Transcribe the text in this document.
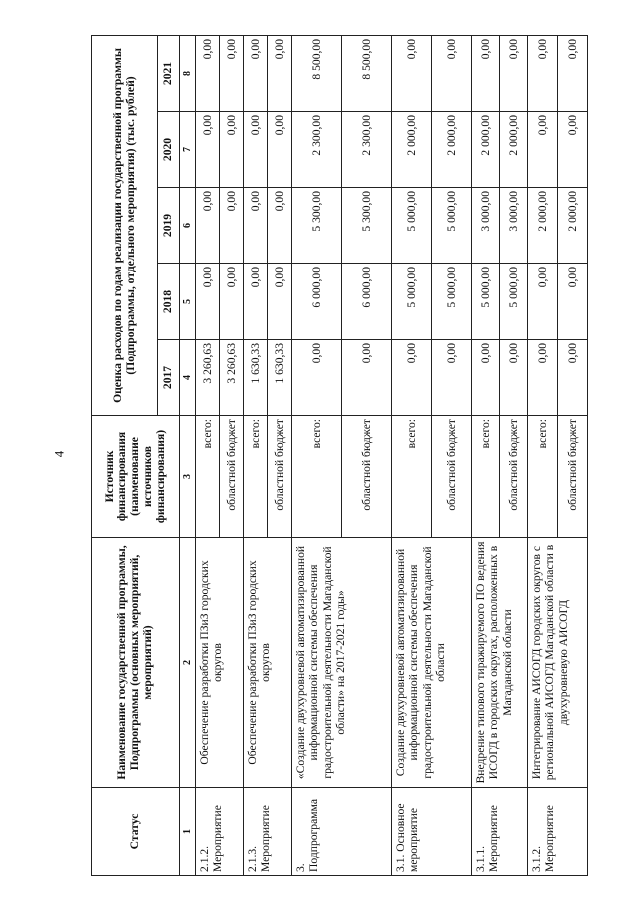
4
Статус	Наименование государственной программы, Подпрограммы (основных мероприятий, мероприятий)	Источник финансирования (наименование источников финансирования)	Оценка расходов по годам реализации государственной программы (Подпрограммы, отдельного мероприятия) (тыс. рублей)				
			2017	2018	2019	2020	2021
1	2	3	4	5	6	7	8
2.1.2. Мероприятие	Обеспечение разработки ПЗиЗ городских округов	всего:	3 260,63	0,00	0,00	0,00	0,00
		областной бюджет	3 260,63	0,00	0,00	0,00	0,00
2.1.3. Мероприятие	Обеспечение разработки ПЗиЗ городских округов	всего:	1 630,33	0,00	0,00	0,00	0,00
		областной бюджет	1 630,33	0,00	0,00	0,00	0,00
3. Подпрограмма	«Создание двухуровневой автоматизированной информационной системы обеспечения градостроительной деятельности Магаданской области» на 2017-2021 годы»	всего:	0,00	6 000,00	5 300,00	2 300,00	8 500,00
		областной бюджет	0,00	6 000,00	5 300,00	2 300,00	8 500,00
3.1. Основное мероприятие	Создание двухуровневой автоматизированной информационной системы обеспечения градостроительной деятельности Магаданской области	всего:	0,00	5 000,00	5 000,00	2 000,00	0,00
		областной бюджет	0,00	5 000,00	5 000,00	2 000,00	0,00
3.1.1. Мероприятие	Внедрение типового тиражируемого ПО ведения ИСОГД в городских округах, расположенных в Магаданской области	всего:	0,00	5 000,00	3 000,00	2 000,00	0,00
		областной бюджет	0,00	5 000,00	3 000,00	2 000,00	0,00
3.1.2. Мероприятие	Интегрирование АИСОГД городских округов с региональной АИСОГД Магаданской области в двухуровневую АИСОГД	всего:	0,00	0,00	2 000,00	0,00	0,00
		областной бюджет	0,00	0,00	2 000,00	0,00	0,00
